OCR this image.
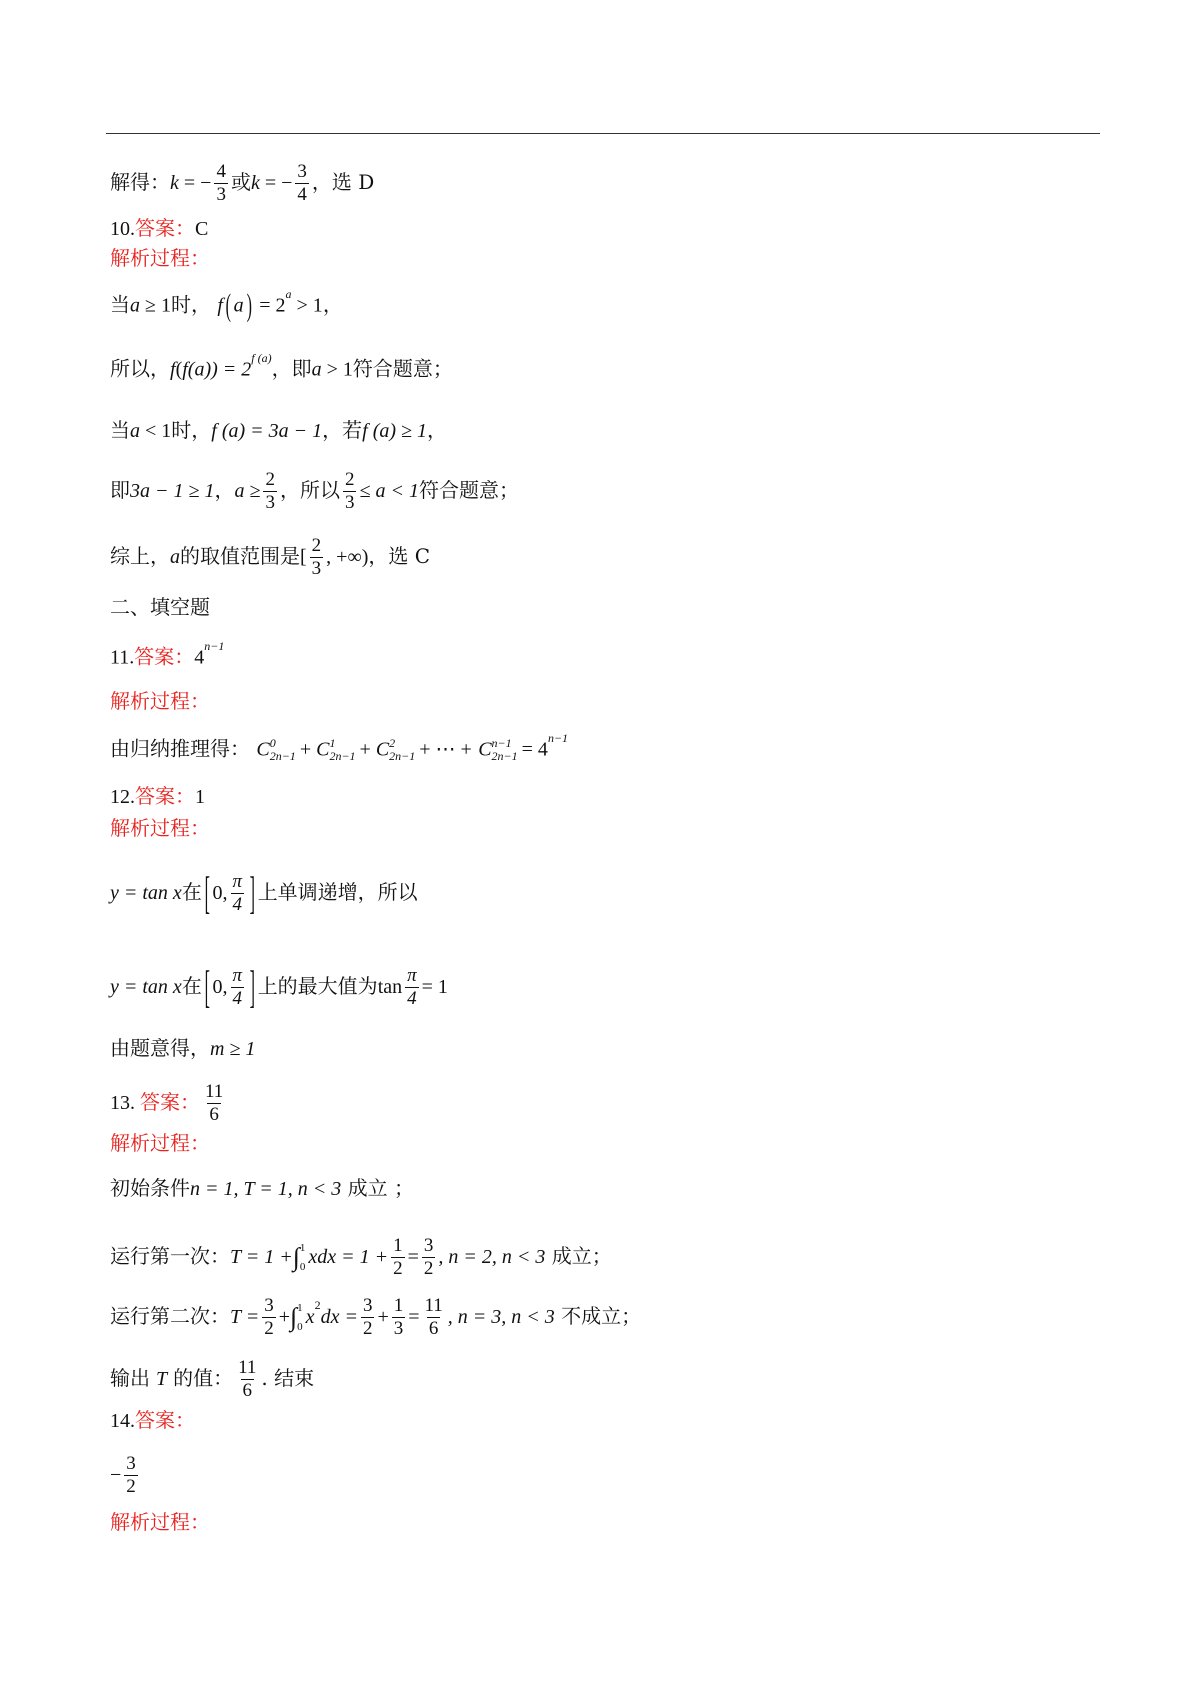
解得：k = − $\frac{4}{3}$ 或k = − $\frac{3}{4}$ ，选 D
10.答案：C
解析过程：
当a ≥ 1时， f ( a ) = $2^a > 1$，
所以，$f(f(a)) = 2^{f (a)}$，即a > 1符合题意；
当a < 1时，f (a) = 3a − 1，若f (a) ≥ 1，
即3a − 1 ≥ 1，$a \ge \frac{2}{3}$ ，所以 $\frac{2}{3} \le a < 1$符合题意；
综上，a的取值范围是[ $\frac{2}{3}$ , +∞)，选 C
二、填空题
11.答案：$4^{n-1}$
解析过程：
由归纳推理得： C 0
2n−1 + C 1
2n−1 + C 2
2n−1 + ⋯ + C n−1
$2n-1 = 4^{n-1}$
12.答案：1
解析过程：
y = tan x在 [ 0, $\frac{\pi}{4}$ ] 上单调递增，所以
y = tan x在 [ 0, $\frac{\pi}{4}$ ] 上的最大值为$\tan \frac{\pi}{4} = 1$
由题意得，m ≥ 1
13. 答案： $\frac{11}{6}$
解析过程：
初始条件n = 1, T = 1, n < 3 成立 ；
运行第一次：T = 1 +∫ 1
0 xdx = $1 + \frac{1}{2} = \frac{3}{2}$ , n = 2, n < 3 成立；
运行第二次：$T = \frac{3}{2}$ +∫ 1
0 $x^2dx = \frac{3}{2} + \frac{1}{3} = \frac{11}{6}$ , n = 3, n < 3 不成立；
输出 T 的值： $\frac{11}{6}$ . 结束
14.答案：
− $\frac{3}{2}$
解析过程：
